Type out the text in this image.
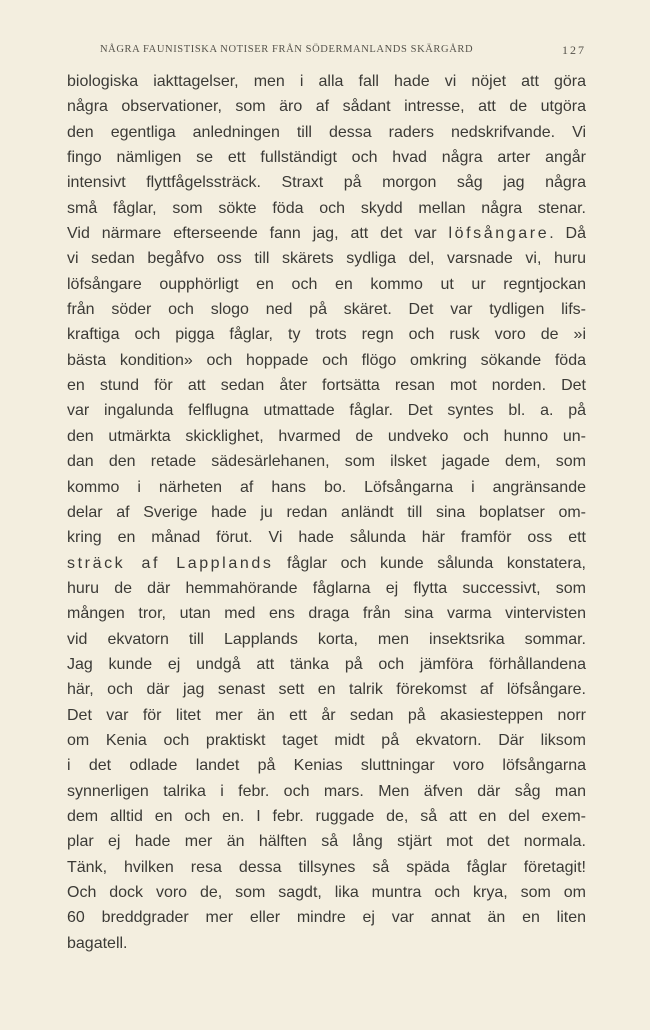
NÅGRA FAUNISTISKA NOTISER FRÅN SÖDERMANLANDS SKÄRGÅRD	127
biologiska iakttagelser, men i alla fall hade vi nöjet att göra
några observationer, som äro af sådant intresse, att de utgöra
den egentliga anledningen till dessa raders nedskrifvande. Vi
fingo nämligen se ett fullständigt och hvad några arter angår
intensivt flyttfågelssträck. Straxt på morgon såg jag några
små fåglar, som sökte föda och skydd mellan några stenar.
Vid närmare efterseende fann jag, att det var löfsångare. Då
vi sedan begåfvo oss till skärets sydliga del, varsnade vi, huru
löfsångare oupphörligt en och en kommo ut ur regntjockan
från söder och slogo ned på skäret. Det var tydligen lifs-
kraftiga och pigga fåglar, ty trots regn och rusk voro de »i
bästa kondition» och hoppade och flögo omkring sökande föda
en stund för att sedan åter fortsätta resan mot norden. Det
var ingalunda felflugna utmattade fåglar. Det syntes bl. a. på
den utmärkta skicklighet, hvarmed de undveko och hunno un-
dan den retade sädesärlehanen, som ilsket jagade dem, som
kommo i närheten af hans bo. Löfsångarna i angränsande
delar af Sverige hade ju redan anländt till sina boplatser om-
kring en månad förut. Vi hade sålunda här framför oss ett
sträck af Lapplands fåglar och kunde sålunda konstatera,
huru de där hemmahörande fåglarna ej flytta successivt, som
mången tror, utan med ens draga från sina varma vintervisten
vid ekvatorn till Lapplands korta, men insektsrika sommar.
Jag kunde ej undgå att tänka på och jämföra förhållandena
här, och där jag senast sett en talrik förekomst af löfsångare.
Det var för litet mer än ett år sedan på akasiesteppen norr
om Kenia och praktiskt taget midt på ekvatorn. Där liksom
i det odlade landet på Kenias sluttningar voro löfsångarna
synnerligen talrika i febr. och mars. Men äfven där såg man
dem alltid en och en. I febr. ruggade de, så att en del exem-
plar ej hade mer än hälften så lång stjärt mot det normala.
Tänk, hvilken resa dessa tillsynes så späda fåglar företagit!
Och dock voro de, som sagdt, lika muntra och krya, som om
60 breddgrader mer eller mindre ej var annat än en liten
bagatell.
